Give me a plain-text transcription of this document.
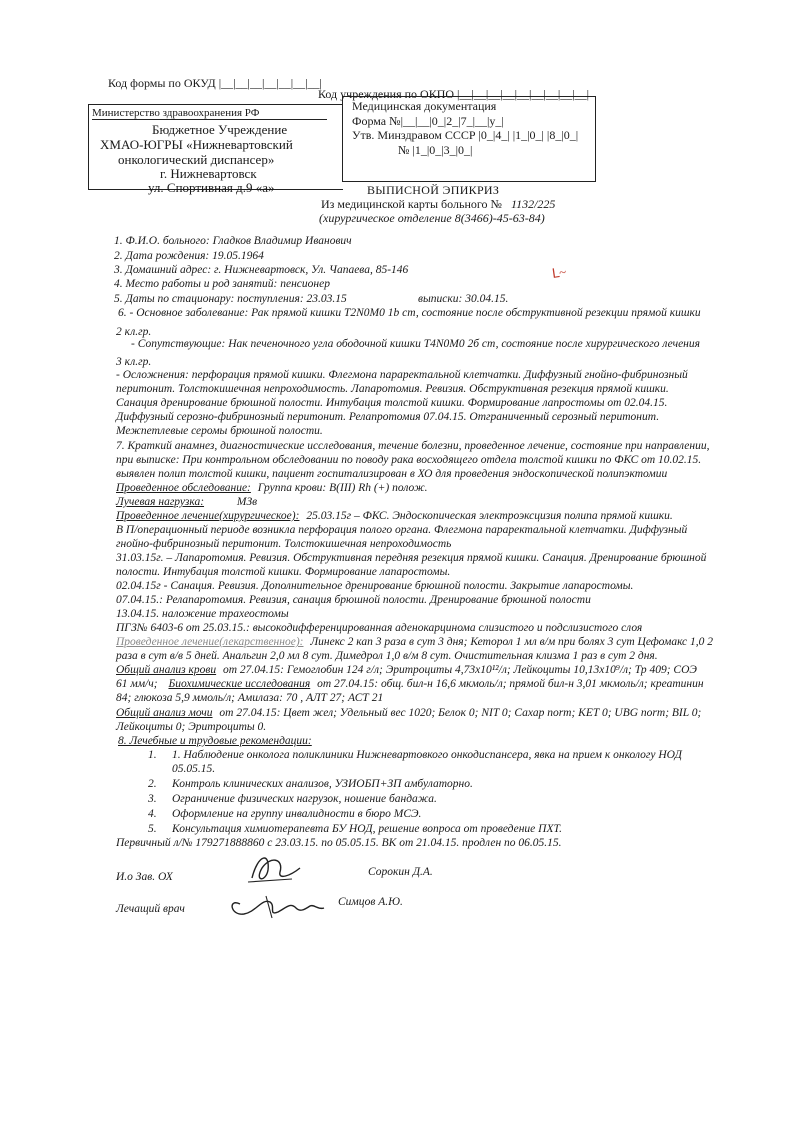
Код формы по ОКУД |__|__|__|__|__|__|__|
Код учреждения по ОКПО |__|__|__|__|__|__|__|__|__|
Министерство здравоохранения РФ
Бюджетное Учреждение
ХМАО-ЮГРЫ «Нижневартовский
онкологический диспансер»
г. Нижневартовск
ул. Спортивная д.9 «а»
Медицинская документация
Форма №|__|__|0_|2_|7_|__|у_|
Утв. Минздравом СССР |0_|4_| |1_|0_| |8_|0_|
№ |1_|0_|3_|0_|
ВЫПИСНОЙ ЭПИКРИЗ
Из медицинской карты больного № 1132/225
(хирургическое отделение 8(3466)-45-63-84)
ᒪ~
1. Ф.И.О. больного: Гладков Владимир Иванович
2. Дата рождения: 19.05.1964
3. Домашний адрес: г. Нижневартовск, Ул. Чапаева, 85-146
4. Место работы и род занятий: пенсионер
5. Даты по стационару: поступления: 23.03.15	выписки: 30.04.15.
6. - Основное заболевание: Рак прямой кишки T2N0M0 1b ст, состояние после обструктивной резекции прямой кишки
2 кл.гр.
- Сопутствующие: Нак печеночного угла ободочной кишки T4N0M0 2б ст, состояние после хирургического лечения
3 кл.гр.
- Осложнения: перфорация прямой кишки. Флегмона параректальной клетчатки. Диффузный гнойно-фибринозный
перитонит. Толстокишечная непроходимость. Лапаротомия. Ревизия. Обструктивная резекция прямой кишки.
Санация дренирование брюшной полости. Интубация толстой кишки. Формирование лапростомы от 02.04.15.
Диффузный серозно-фибринозный перитонит. Релапротомия 07.04.15. Отграниченный серозный перитонит.
Межпетлевые серомы брюшной полости.
7. Краткий анамнез, диагностические исследования, течение болезни, проведенное лечение, состояние при направлении,
при выписке: При контрольном обследовании по поводу рака восходящего отдела толстой кишки по ФКС от 10.02.15.
выявлен полип толстой кишки, пациент госпитализирован в ХО для проведения эндоскопической полипэктомии
Проведенное обследование: Группа крови: B(III) Rh (+) полож.
Лучевая нагрузка:	МЗв
Проведенное лечение(хирургическое): 25.03.15г – ФКС. Эндоскопическая электроэксцизия полипа прямой кишки.
В П/операционный периоде возникла перфорация полого органа. Флегмона параректальной клетчатки. Диффузный
гнойно-фибринозный перитонит. Толстокишечная непроходимость
31.03.15г. – Лапаротомия. Ревизия. Обструктивная передняя резекция прямой кишки. Санация. Дренирование брюшной
полости. Интубация толстой кишки. Формирование лапаростомы.
02.04.15г - Санация. Ревизия. Дополнительное дренирование брюшной полости. Закрытие лапаростомы.
07.04.15.: Релапаротомия. Ревизия, санация брюшной полости. Дренирование брюшной полости
13.04.15. наложение трахеостомы
ПГЗ№ 6403-6 от 25.03.15.: высокодифференцированная аденокарцинома слизистого и подслизистого слоя
Проведенное лечение(лекарственное): Линекс 2 кап 3 раза в сут 3 дня; Кеторол 1 мл в/м при болях 3 сут Цефомакс 1,0 2
раза в сут в/в 5 дней. Анальгин 2,0 мл 8 сут. Димедрол 1,0 в/м 8 сут. Очистительная клизма 1 раз в сут 2 дня.
Общий анализ крови от 27.04.15: Гемоглобин 124 г/л; Эритроциты 4,73х10¹²/л; Лейкоциты 10,13х10⁹/л; Тр 409; СОЭ
61 мм/ч; Биохимические исследования от 27.04.15: общ. бил-н 16,6 мкмоль/л; прямой бил-н 3,01 мкмоль/л; креатинин
84; глюкоза 5,9 ммоль/л; Амилаза: 70 , АЛТ 27; АСТ 21
Общий анализ мочи от 27.04.15: Цвет жел; Удельный вес 1020; Белок 0; NIT 0; Сахар norm; KET 0; UBG norm; BIL 0;
Лейкоциты 0; Эритроциты 0.
8. Лечебные и трудовые рекомендации:
1. 1. Наблюдение онколога поликлиники Нижневартовкого онкодиспансера, явка на прием к онкологу НОД
05.05.15.
2. Контроль клинических анализов, УЗИОБП+ЗП амбулаторно.
3. Ограничение физических нагрузок, ношение бандажа.
4. Оформление на группу инвалидности в бюро МСЭ.
5. Консультация химиотерапевта БУ НОД, решение вопроса от проведение ПХТ.
Первичный л/№ 179271888860 с 23.03.15. по 05.05.15. ВК от 21.04.15. продлен по 06.05.15.
И.о Зав. ОХ	Сорокин Д.А.
Лечащий врач
Симцов А.Ю.
